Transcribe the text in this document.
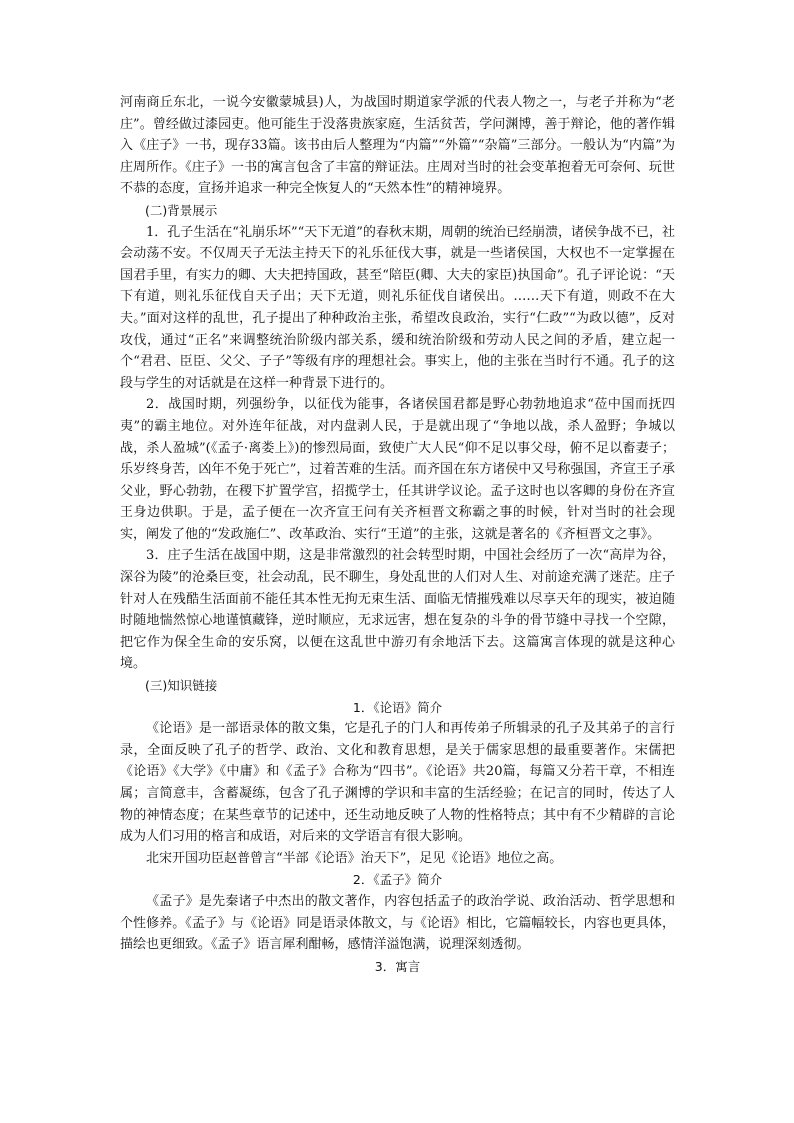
河南商丘东北，一说今安徽蒙城县)人，为战国时期道家学派的代表人物之一，与老子并称为“老庄”。曾经做过漆园吏。他可能生于没落贵族家庭，生活贫苦，学问渊博，善于辩论，他的著作辑入《庄子》一书，现存33篇。该书由后人整理为“内篇”“外篇”“杂篇”三部分。一般认为“内篇”为庄周所作。《庄子》一书的寓言包含了丰富的辩证法。庄周对当时的社会变革抱着无可奈何、玩世不恭的态度，宣扬并追求一种完全恢复人的“天然本性”的精神境界。

(二)背景展示

1．孔子生活在“礼崩乐坏”“天下无道”的春秋末期，周朝的统治已经崩溃，诸侯争战不已，社会动荡不安。不仅周天子无法主持天下的礼乐征伐大事，就是一些诸侯国，大权也不一定掌握在国君手里，有实力的卿、大夫把持国政，甚至“陪臣(卿、大夫的家臣)执国命”。孔子评论说：“天下有道，则礼乐征伐自天子出；天下无道，则礼乐征伐自诸侯出。……天下有道，则政不在大夫。”面对这样的乱世，孔子提出了种种政治主张，希望改良政治，实行“仁政”“为政以德”，反对攻伐，通过“正名”来调整统治阶级内部关系，缓和统治阶级和劳动人民之间的矛盾，建立起一个“君君、臣臣、父父、子子”等级有序的理想社会。事实上，他的主张在当时行不通。孔子的这段与学生的对话就是在这样一种背景下进行的。

2．战国时期，列强纷争，以征伐为能事，各诸侯国君都是野心勃勃地追求“莅中国而抚四夷”的霸主地位。对外连年征战，对内盘剥人民，于是就出现了“争地以战，杀人盈野；争城以战，杀人盈城”(《孟子·离娄上》)的惨烈局面，致使广大人民“仰不足以事父母，俯不足以畜妻子；乐岁终身苦，凶年不免于死亡”，过着苦难的生活。而齐国在东方诸侯中又号称强国，齐宣王子承父业，野心勃勃，在稷下扩置学宫，招揽学士，任其讲学议论。孟子这时也以客卿的身份在齐宣王身边供职。于是，孟子便在一次齐宣王问有关齐桓晋文称霸之事的时候，针对当时的社会现实，阐发了他的“发政施仁”、改革政治、实行“王道”的主张，这就是著名的《齐桓晋文之事》。

3．庄子生活在战国中期，这是非常激烈的社会转型时期，中国社会经历了一次“高岸为谷，深谷为陵”的沧桑巨变，社会动乱，民不聊生，身处乱世的人们对人生、对前途充满了迷茫。庄子针对人在残酷生活面前不能任其本性无拘无束生活、面临无情摧残难以尽享天年的现实，被迫随时随地惴然惊心地谨慎藏锋，逆时顺应，无求远害，想在复杂的斗争的骨节缝中寻找一个空隙，把它作为保全生命的安乐窝，以便在这乱世中游刃有余地活下去。这篇寓言体现的就是这种心境。

(三)知识链接

1．《论语》简介

《论语》是一部语录体的散文集，它是孔子的门人和再传弟子所辑录的孔子及其弟子的言行录，全面反映了孔子的哲学、政治、文化和教育思想，是关于儒家思想的最重要著作。宋儒把《论语》《大学》《中庸》和《孟子》合称为“四书”。《论语》共20篇，每篇又分若干章，不相连属；言简意丰，含蓄凝练，包含了孔子渊博的学识和丰富的生活经验；在记言的同时，传达了人物的神情态度；在某些章节的记述中，还生动地反映了人物的性格特点；其中有不少精辟的言论成为人们习用的格言和成语，对后来的文学语言有很大影响。

北宋开国功臣赵普曾言“半部《论语》治天下”，足见《论语》地位之高。

2．《孟子》简介

《孟子》是先秦诸子中杰出的散文著作，内容包括孟子的政治学说、政治活动、哲学思想和个性修养。《孟子》与《论语》同是语录体散文，与《论语》相比，它篇幅较长，内容也更具体，描绘也更细致。《孟子》语言犀利酣畅，感情洋溢饱满，说理深刻透彻。

3．寓言
